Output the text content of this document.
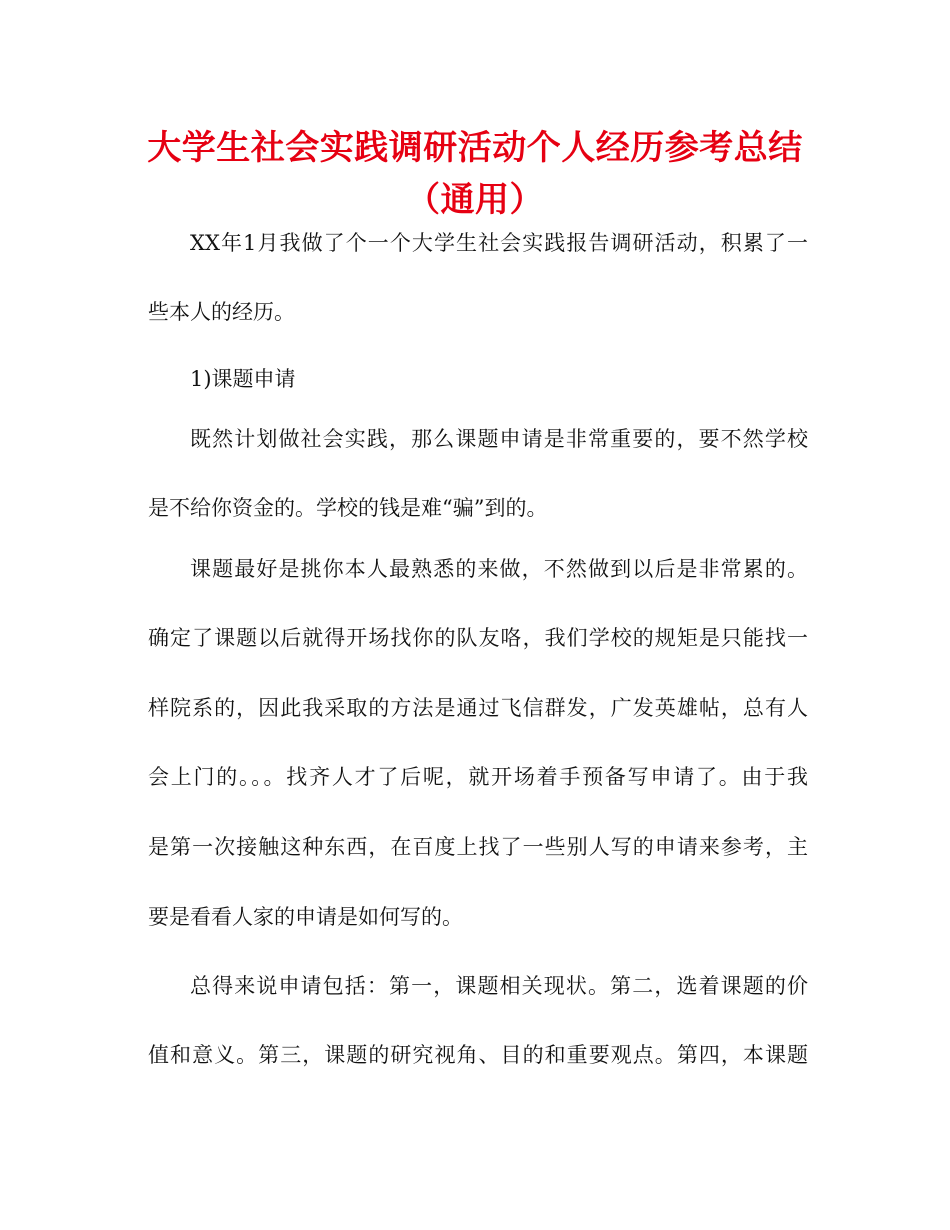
大学生社会实践调研活动个人经历参考总结（通用）
XX年1月我做了个一个大学生社会实践报告调研活动，积累了一
些本人的经历。
1)课题申请
既然计划做社会实践，那么课题申请是非常重要的，要不然学校
是不给你资金的。学校的钱是难“骗”到的。
课题最好是挑你本人最熟悉的来做，不然做到以后是非常累的。
确定了课题以后就得开场找你的队友咯，我们学校的规矩是只能找一
样院系的，因此我采取的方法是通过飞信群发，广发英雄帖，总有人
会上门的。。。找齐人才了后呢，就开场着手预备写申请了。由于我
是第一次接触这种东西，在百度上找了一些别人写的申请来参考，主
要是看看人家的申请是如何写的。
总得来说申请包括：第一，课题相关现状。第二，选着课题的价
值和意义。第三，课题的研究视角、目的和重要观点。第四，本课题
